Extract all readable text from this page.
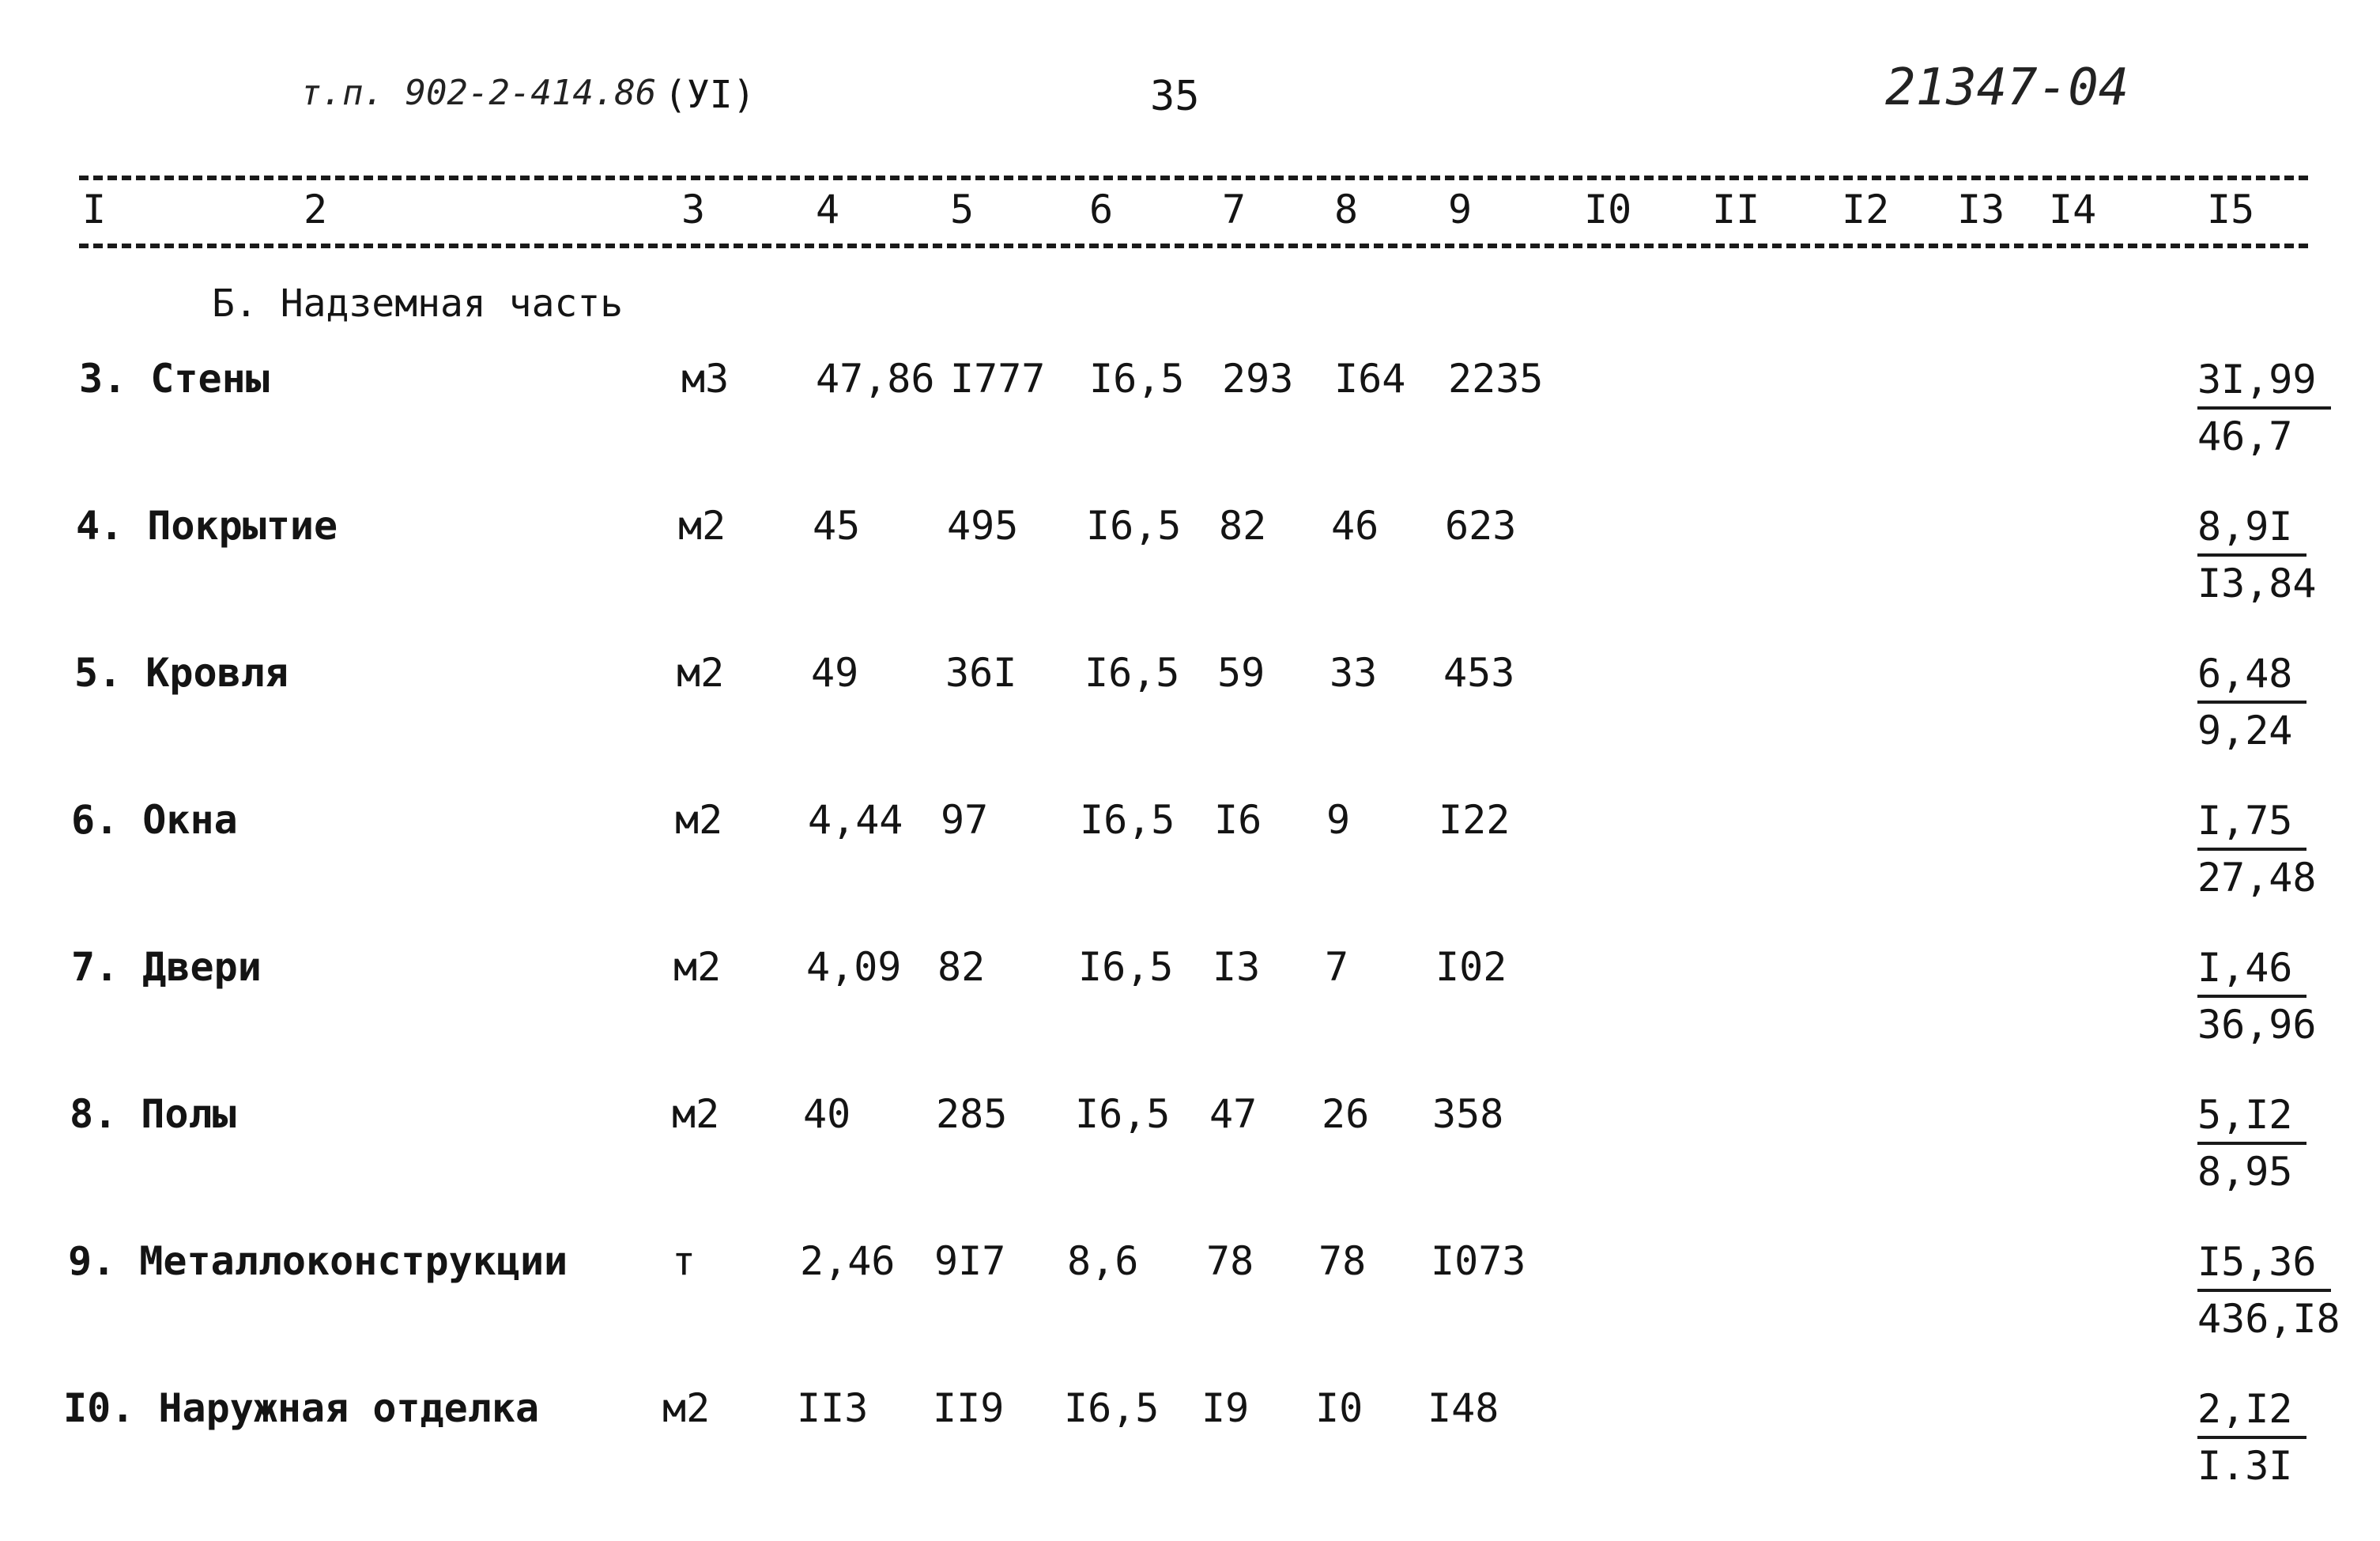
т.п. 902-2-414.86 (УI)	35	21347-04
I	2	3	4	5	6	7 8 9	I0 II I2 I3 I4	I5
Б. Надземная часть
3. Стены	м3 47,86 I777 I6,5 293 I64 2235	$\frac{3I,99}{46,7}$
4. Покрытие	м2 45 495 I6,5 82 46 623	$\frac{8,9I}{I3,84}$
5. Кровля	м2 49 36I I6,5 59 33 453	$\frac{6,48}{9,24}$
6. Окна	м2 4,44 97 I6,5 I6 9 I22	$\frac{I,75}{27,48}$
7. Двери	м2 4,09 82 I6,5 I3 7 I02	$\frac{I,46}{36,96}$
8. Полы	м2 40 285 I6,5 47 26 358	$\frac{5,I2}{8,95}$
9. Металлоконструкции	т	2,46 9I7 8,6 78 78 I073	$\frac{I5,36}{436,I8}$
I0. Наружная отделка	м2 II3 II9 I6,5 I9 I0 I48	$\frac{2,I2}{I.3I}$
